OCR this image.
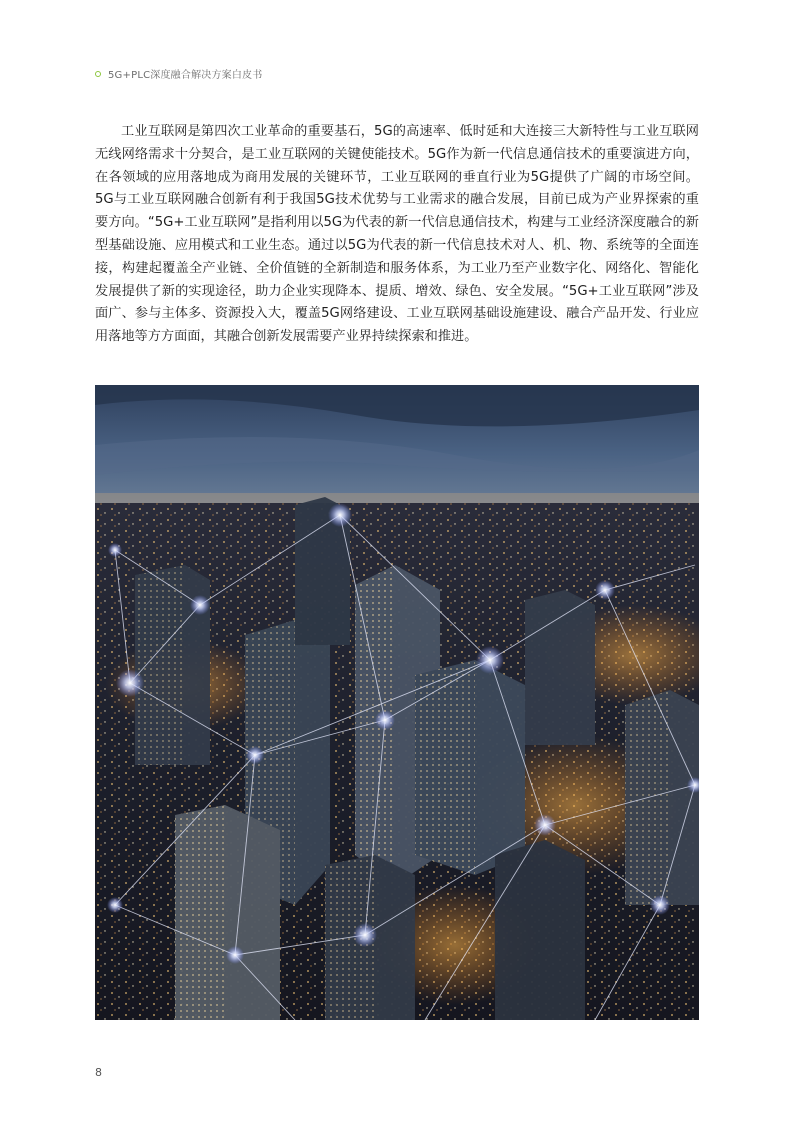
5G+PLC深度融合解决方案白皮书

工业互联网是第四次工业革命的重要基石，5G的高速率、低时延和大连接三大新特性与工业互联网无线网络需求十分契合，是工业互联网的关键使能技术。5G作为新一代信息通信技术的重要演进方向，在各领域的应用落地成为商用发展的关键环节，工业互联网的垂直行业为5G提供了广阔的市场空间。5G与工业互联网融合创新有利于我国5G技术优势与工业需求的融合发展，目前已成为产业界探索的重要方向。“5G+工业互联网”是指利用以5G为代表的新一代信息通信技术，构建与工业经济深度融合的新型基础设施、应用模式和工业生态。通过以5G为代表的新一代信息技术对人、机、物、系统等的全面连接，构建起覆盖全产业链、全价值链的全新制造和服务体系，为工业乃至产业数字化、网络化、智能化发展提供了新的实现途径，助力企业实现降本、提质、增效、绿色、安全发展。“5G+工业互联网”涉及面广、参与主体多、资源投入大，覆盖5G网络建设、工业互联网基础设施建设、融合产品开发、行业应用落地等方方面面，其融合创新发展需要产业界持续探索和推进。

8
